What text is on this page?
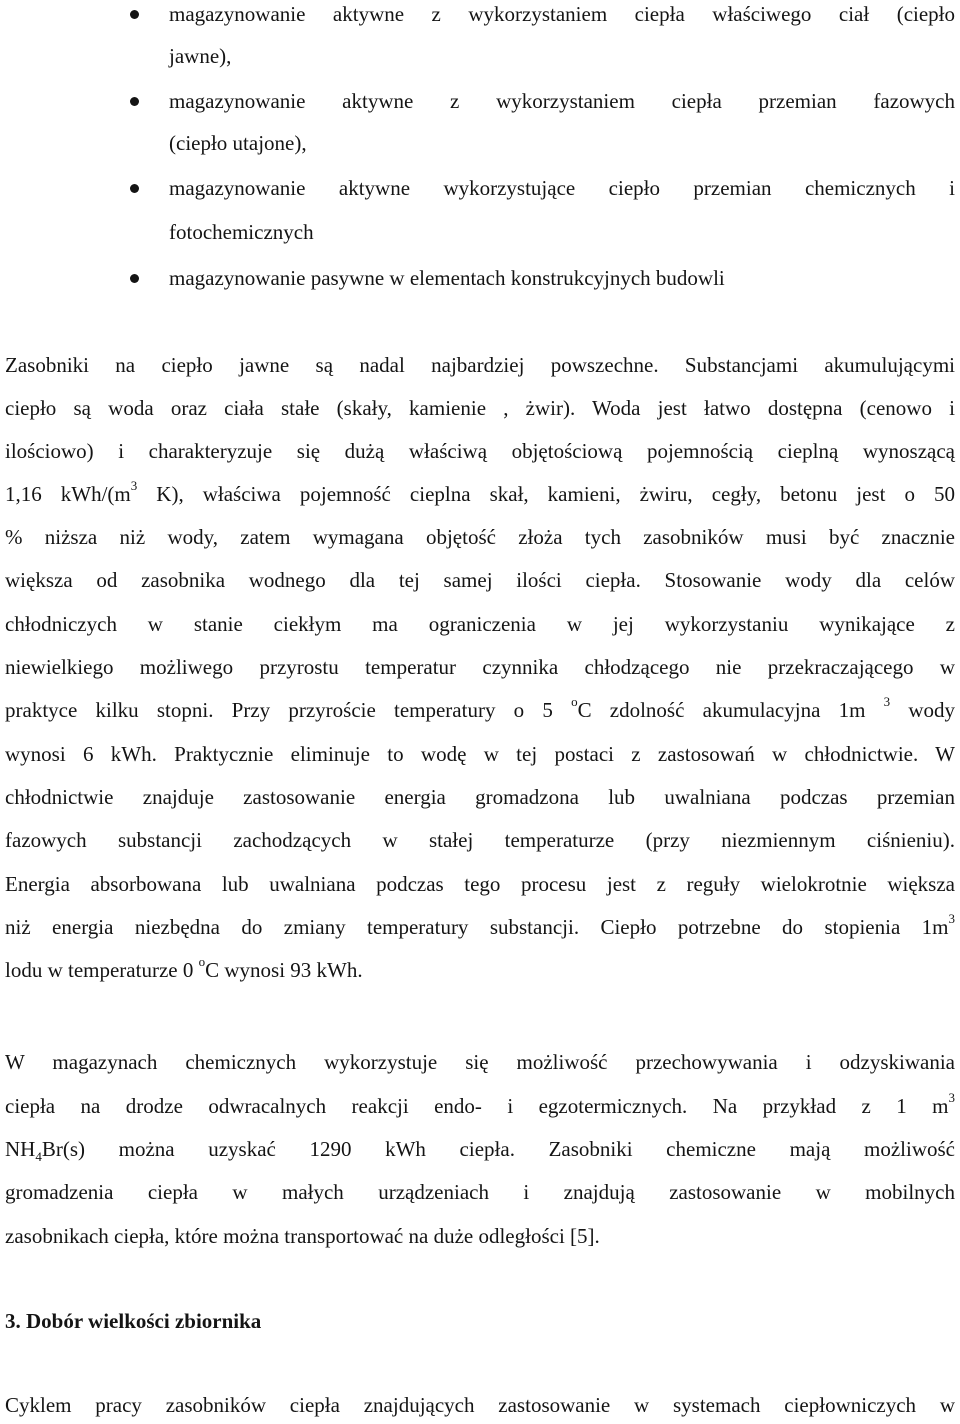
magazynowanie aktywne z wykorzystaniem ciepła właściwego ciał (ciepło
jawne),
magazynowanie aktywne z wykorzystaniem ciepła przemian fazowych
(ciepło utajone),
magazynowanie aktywne wykorzystujące ciepło przemian chemicznych i
fotochemicznych
magazynowanie pasywne w elementach konstrukcyjnych budowli
Zasobniki na ciepło jawne są nadal najbardziej powszechne. Substancjami akumulującymi
ciepło są woda oraz ciała stałe (skały, kamienie , żwir). Woda jest łatwo dostępna (cenowo i
ilościowo) i charakteryzuje się dużą właściwą objętościową pojemnością cieplną wynoszącą
1,16 kWh/($m^3$ K), właściwa pojemność cieplna skał, kamieni, żwiru, cegły, betonu jest o 50
% niższa niż wody, zatem wymagana objętość złoża tych zasobników musi być znacznie
większa od zasobnika wodnego dla tej samej ilości ciepła. Stosowanie wody dla celów
chłodniczych w stanie ciekłym ma ograniczenia w jej wykorzystaniu wynikające z
niewielkiego możliwego przyrostu temperatur czynnika chłodzącego nie przekraczającego w
praktyce kilku stopni. Przy przyroście temperatury o 5 $^o$C zdolność akumulacyjna 1m $^3$ wody
wynosi 6 kWh. Praktycznie eliminuje to wodę w tej postaci z zastosowań w chłodnictwie. W
chłodnictwie znajduje zastosowanie energia gromadzona lub uwalniana podczas przemian
fazowych substancji zachodzących w stałej temperaturze (przy niezmiennym ciśnieniu).
Energia absorbowana lub uwalniana podczas tego procesu jest z reguły wielokrotnie większa
niż energia niezbędna do zmiany temperatury substancji. Ciepło potrzebne do stopienia $1m^3$
lodu w temperaturze 0 $^o$C wynosi 93 kWh.
W magazynach chemicznych wykorzystuje się możliwość przechowywania i odzyskiwania
ciepła na drodze odwracalnych reakcji endo- i egzotermicznych. Na przykład z 1 $m^3$
$NH_4Br(s)$ można uzyskać 1290 kWh ciepła. Zasobniki chemiczne mają możliwość
gromadzenia ciepła w małych urządzeniach i znajdują zastosowanie w mobilnych
zasobnikach ciepła, które można transportować na duże odległości [5].
3. Dobór wielkości zbiornika
Cyklem pracy zasobników ciepła znajdujących zastosowanie w systemach ciepłowniczych w
